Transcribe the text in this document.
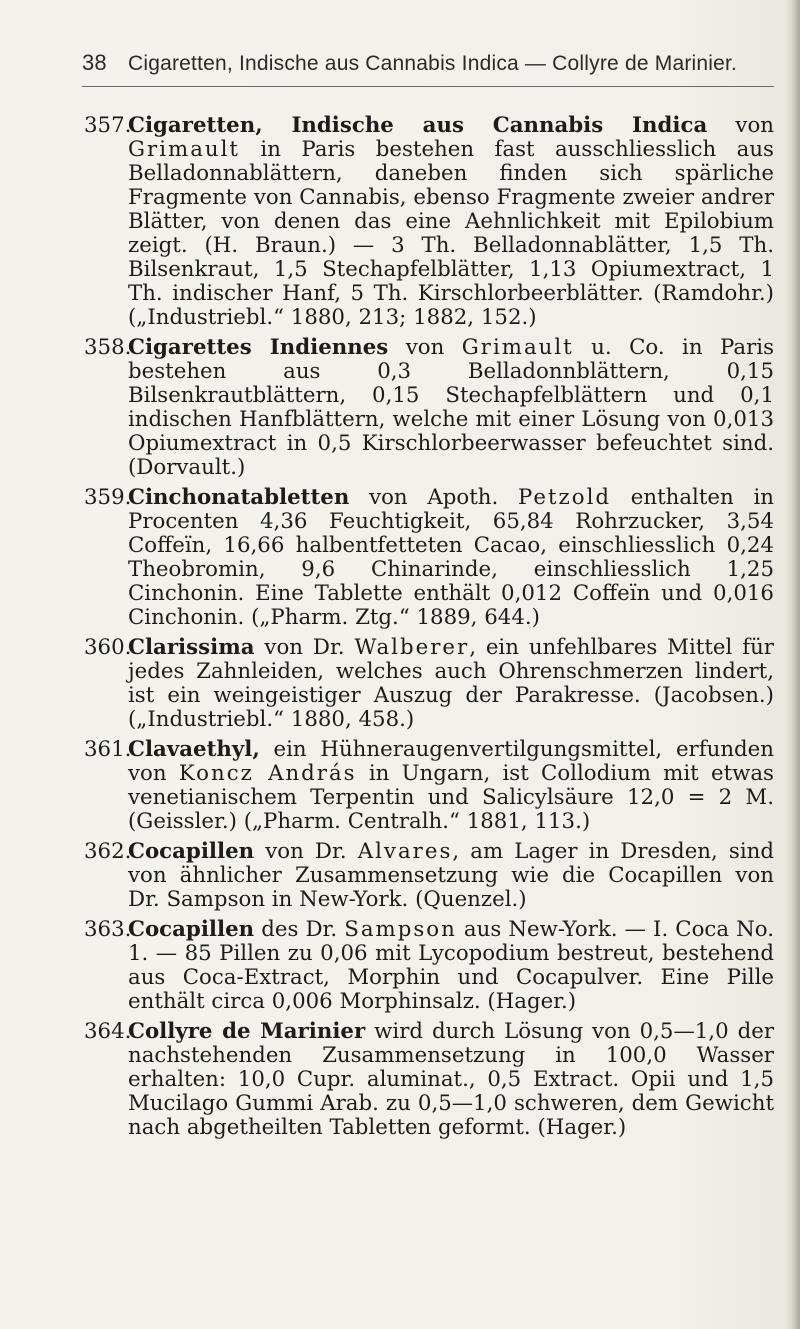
38 Cigaretten, Indische aus Cannabis Indica — Collyre de Marinier.
357.
Cigaretten, Indische aus Cannabis Indica von Grimault in Paris bestehen fast ausschliesslich aus Belladonnablättern, daneben finden sich spärliche Fragmente von Cannabis, ebenso Fragmente zweier andrer Blätter, von denen das eine Aehnlichkeit mit Epilobium zeigt. (H. Braun.) — 3 Th. Belladonnablätter, 1,5 Th. Bilsenkraut, 1,5 Stechapfelblätter, 1,13 Opiumextract, 1 Th. indischer Hanf, 5 Th. Kirschlorbeerblätter. (Ramdohr.) („Industriebl.“ 1880, 213; 1882, 152.)
358.
Cigarettes Indiennes von Grimault u. Co. in Paris bestehen aus 0,3 Belladonnblättern, 0,15 Bilsenkrautblättern, 0,15 Stechapfelblättern und 0,1 indischen Hanfblättern, welche mit einer Lösung von 0,013 Opiumextract in 0,5 Kirschlorbeerwasser befeuchtet sind. (Dorvault.)
359.
Cinchonatabletten von Apoth. Petzold enthalten in Procenten 4,36 Feuchtigkeit, 65,84 Rohrzucker, 3,54 Coffeïn, 16,66 halbentfetteten Cacao, einschliesslich 0,24 Theobromin, 9,6 Chinarinde, einschliesslich 1,25 Cinchonin. Eine Tablette enthält 0,012 Coffeïn und 0,016 Cinchonin. („Pharm. Ztg.“ 1889, 644.)
360.
Clarissima von Dr. Walberer, ein unfehlbares Mittel für jedes Zahnleiden, welches auch Ohrenschmerzen lindert, ist ein weingeistiger Auszug der Parakresse. (Jacobsen.) („Industriebl.“ 1880, 458.)
361.
Clavaethyl, ein Hühneraugenvertilgungsmittel, erfunden von Koncz András in Ungarn, ist Collodium mit etwas venetianischem Terpentin und Salicylsäure 12,0 = 2 M. (Geissler.) („Pharm. Centralh.“ 1881, 113.)
362.
Cocapillen von Dr. Alvares, am Lager in Dresden, sind von ähnlicher Zusammensetzung wie die Cocapillen von Dr. Sampson in New-York. (Quenzel.)
363.
Cocapillen des Dr. Sampson aus New-York. — I. Coca No. 1. — 85 Pillen zu 0,06 mit Lycopodium bestreut, bestehend aus Coca-Extract, Morphin und Cocapulver. Eine Pille enthält circa 0,006 Morphinsalz. (Hager.)
364.
Collyre de Marinier wird durch Lösung von 0,5—1,0 der nachstehenden Zusammensetzung in 100,0 Wasser erhalten: 10,0 Cupr. aluminat., 0,5 Extract. Opii und 1,5 Mucilago Gummi Arab. zu 0,5—1,0 schweren, dem Gewicht nach abgetheilten Tabletten geformt. (Hager.)
